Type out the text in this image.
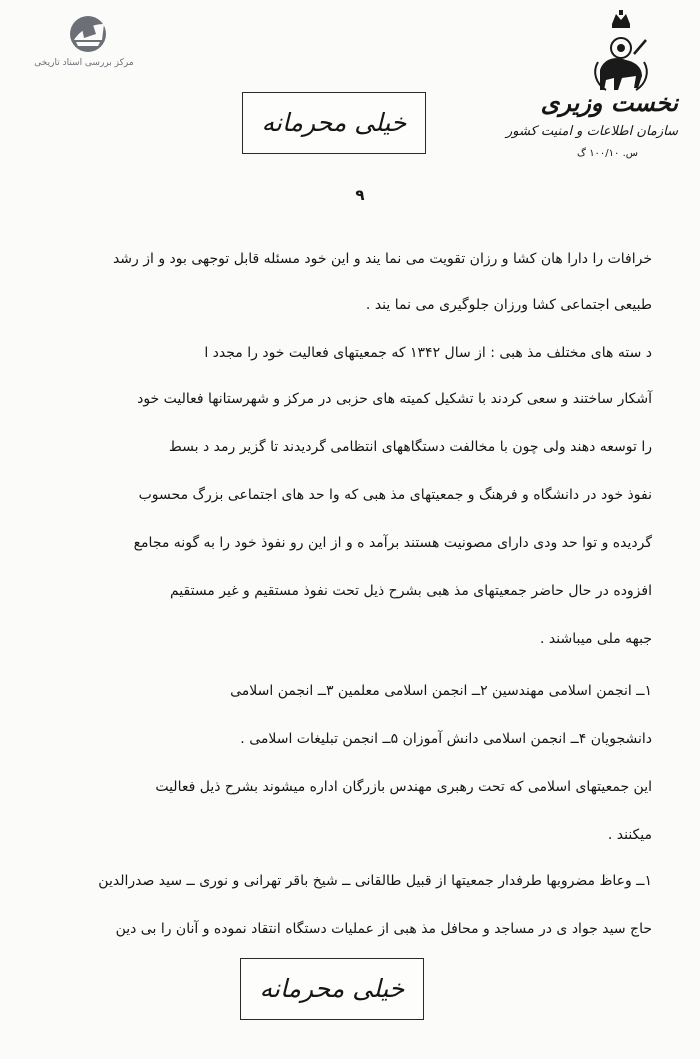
مرکز بررسی اسناد تاریخی
نخست وزیری
سازمان اطلاعات و امنیت کشور
س. ۱۰۰/۱۰ گ
خیلی محرمانه
۹
خرافات را دارا هان کشا و رزان تقویت می نما یند و این خود مسئله قابل توجهی بود و از رشد
طبیعی اجتماعی کشا ورزان جلوگیری می نما یند .
د سته های مختلف مذ هبی : از سال ۱۳۴۲ که جمعیتهای فعالیت خود را مجدد ا
آشکار ساختند و سعی کردند با تشکیل کمیته های حزبی در مرکز و شهرستانها فعالیت خود
را توسعه دهند ولی چون با مخالفت دستگاههای انتظامی گردیدند تا گزیر رمد د بسط
نفوذ خود در دانشگاه و فرهنگ و جمعیتهای مذ هبی که وا حد های اجتماعی بزرگ محسوب
گردیده و توا حد ودی دارای مصونیت هستند برآمد ه و از این رو نفوذ خود را به گونه مجامع
افزوده در حال حاضر جمعیتهای مذ هبی بشرح ذیل تحت نفوذ مستقیم و غیر مستقیم
جبهه ملی میباشند .
۱ــ انجمن اسلامی مهندسین ۲ــ انجمن اسلامی معلمین ۳ــ انجمن اسلامی
دانشجویان ۴ــ انجمن اسلامی دانش آموزان ۵ــ انجمن تبلیغات اسلامی .
این جمعیتهای اسلامی که تحت رهبری مهندس بازرگان اداره میشوند بشرح ذیل فعالیت
میکنند .
۱ــ وعاظ مضروبها طرفدار جمعیتها از قبیل طالقانی ــ شیخ باقر تهرانی و نوری ــ سید صدرالدین
حاج سید جواد ی در مساجد و محافل مذ هبی از عملیات دستگاه انتقاد نموده و آنان را بی دین
خیلی محرمانه
